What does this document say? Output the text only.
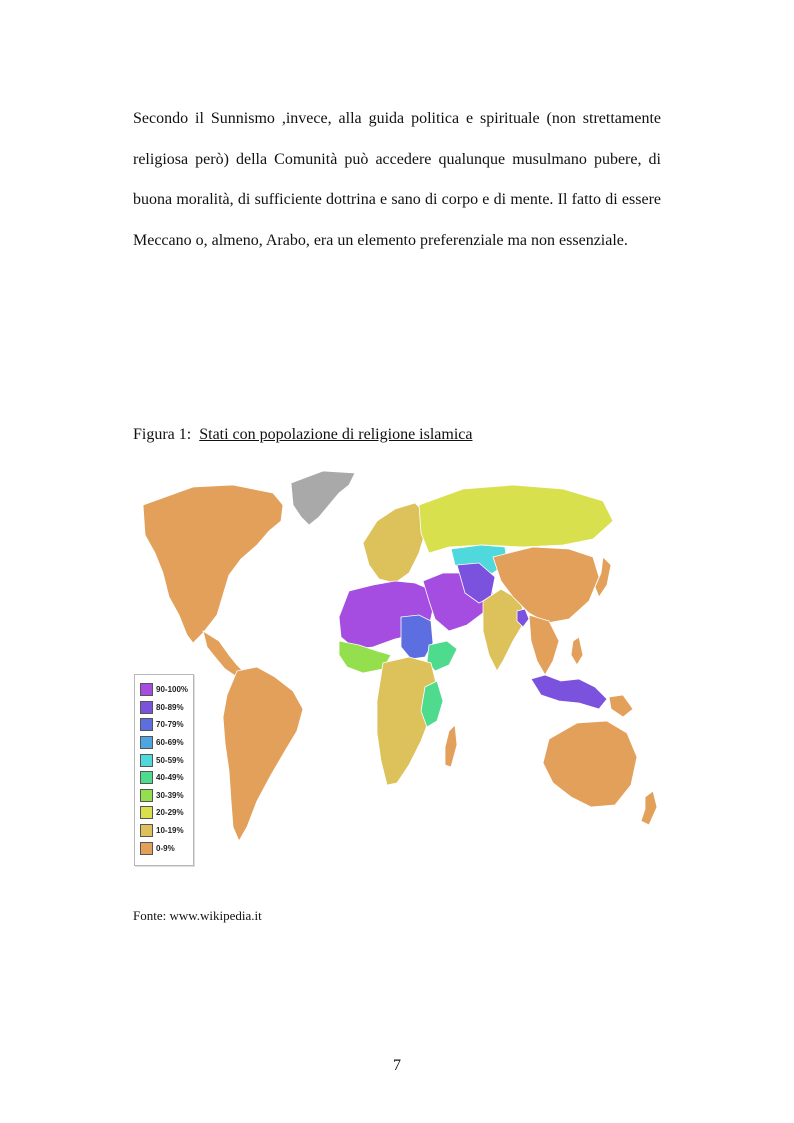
Secondo il Sunnismo ,invece, alla guida politica e spirituale (non strettamente religiosa però) della Comunità può accedere qualunque musulmano pubere, di buona moralità, di sufficiente dottrina e sano di corpo e di mente. Il fatto di essere Meccano o, almeno, Arabo, era un elemento preferenziale ma non essenziale.

Figura 1: Stati con popolazione di religione islamica

90-100%
80-89%
70-79%
60-69%
50-59%
40-49%
30-39%
20-29%
10-19%
0-9%

Fonte: www.wikipedia.it

7
